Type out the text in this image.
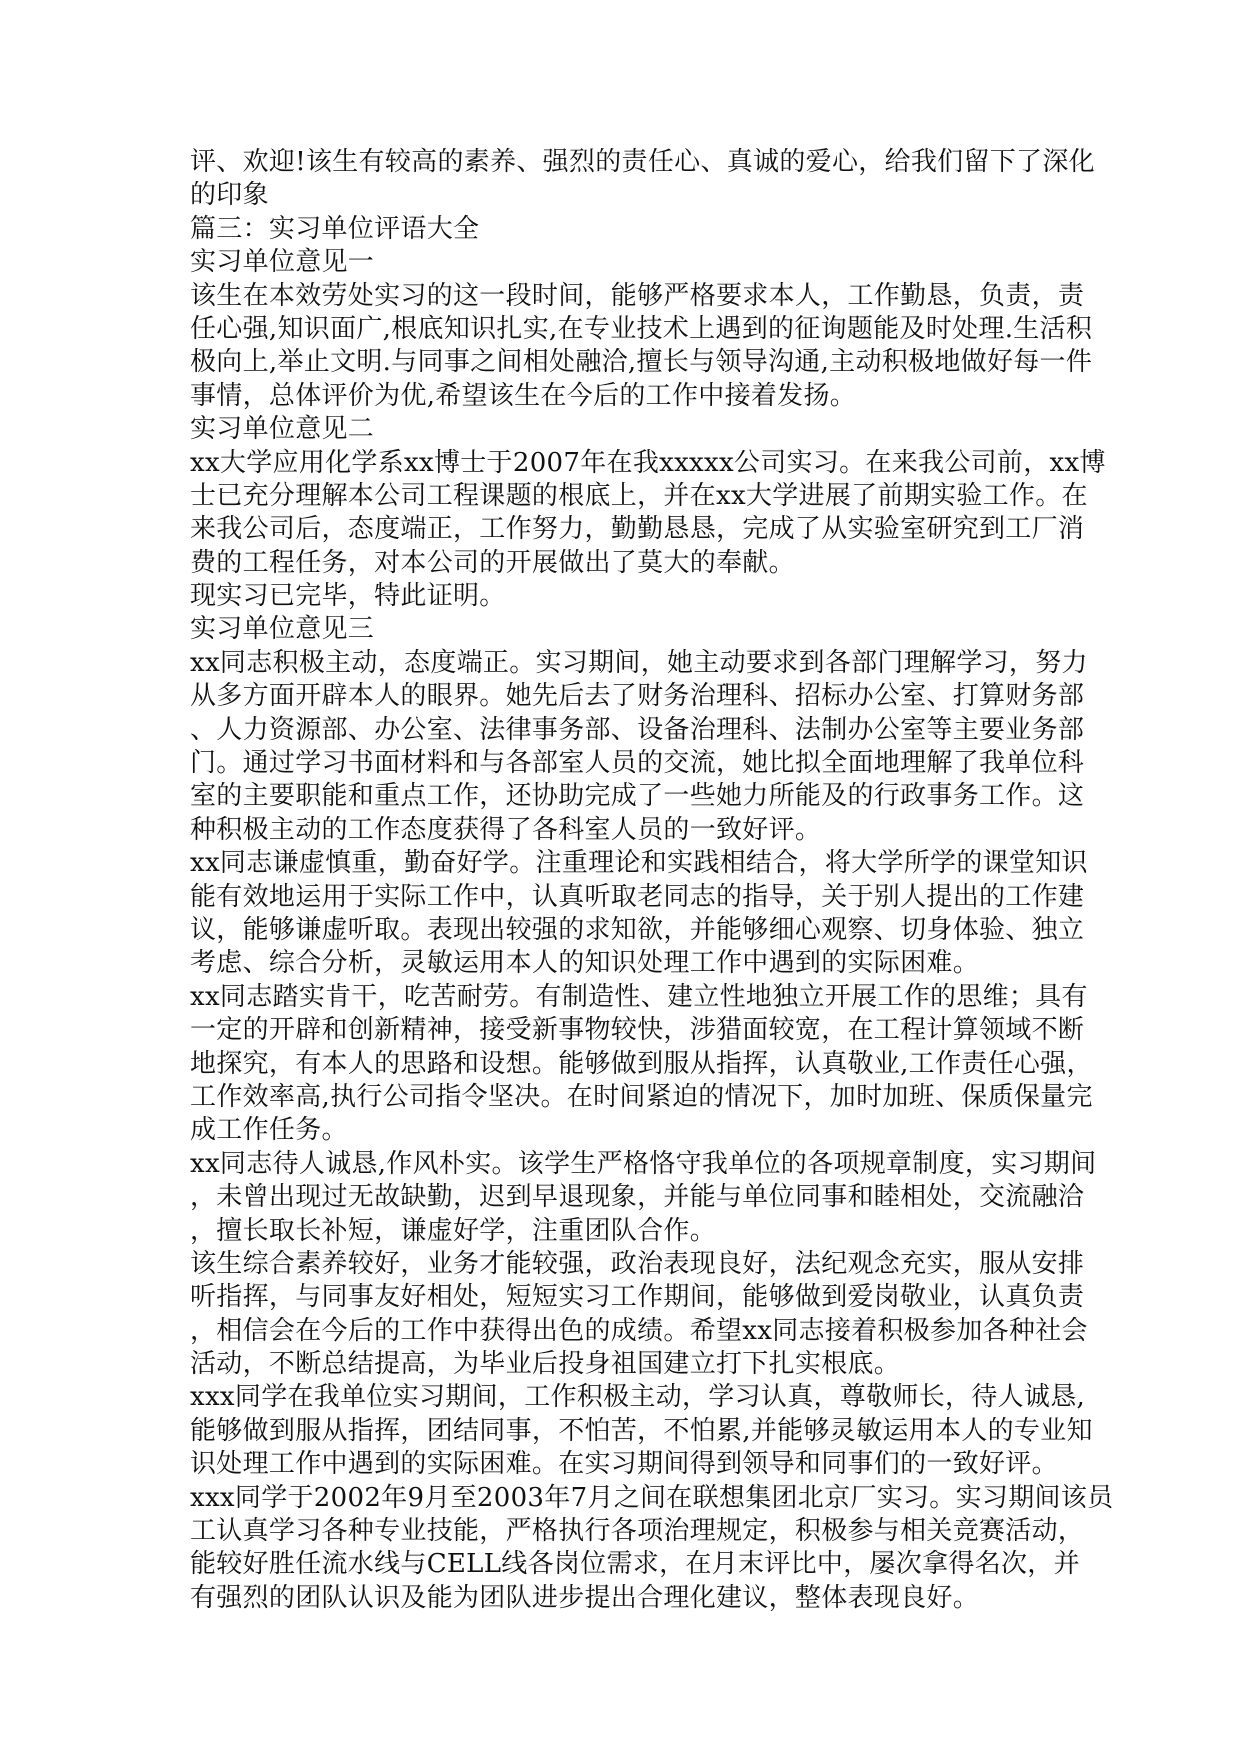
评、欢迎!该生有较高的素养、强烈的责任心、真诚的爱心，给我们留下了深化
的印象
篇三：实习单位评语大全
实习单位意见一
该生在本效劳处实习的这一段时间，能够严格要求本人，工作勤恳，负责，责
任心强,知识面广,根底知识扎实,在专业技术上遇到的征询题能及时处理.生活积
极向上,举止文明.与同事之间相处融洽,擅长与领导沟通,主动积极地做好每一件
事情，总体评价为优,希望该生在今后的工作中接着发扬。
实习单位意见二
xx大学应用化学系xx博士于2007年在我xxxxx公司实习。在来我公司前，xx博
士已充分理解本公司工程课题的根底上，并在xx大学进展了前期实验工作。在
来我公司后，态度端正，工作努力，勤勤恳恳，完成了从实验室研究到工厂消
费的工程任务，对本公司的开展做出了莫大的奉献。
现实习已完毕，特此证明。
实习单位意见三
xx同志积极主动，态度端正。实习期间，她主动要求到各部门理解学习，努力
从多方面开辟本人的眼界。她先后去了财务治理科、招标办公室、打算财务部
、人力资源部、办公室、法律事务部、设备治理科、法制办公室等主要业务部
门。通过学习书面材料和与各部室人员的交流，她比拟全面地理解了我单位科
室的主要职能和重点工作，还协助完成了一些她力所能及的行政事务工作。这
种积极主动的工作态度获得了各科室人员的一致好评。
xx同志谦虚慎重，勤奋好学。注重理论和实践相结合，将大学所学的课堂知识
能有效地运用于实际工作中，认真听取老同志的指导，关于别人提出的工作建
议，能够谦虚听取。表现出较强的求知欲，并能够细心观察、切身体验、独立
考虑、综合分析，灵敏运用本人的知识处理工作中遇到的实际困难。
xx同志踏实肯干，吃苦耐劳。有制造性、建立性地独立开展工作的思维；具有
一定的开辟和创新精神，接受新事物较快，涉猎面较宽，在工程计算领域不断
地探究，有本人的思路和设想。能够做到服从指挥，认真敬业,工作责任心强，
工作效率高,执行公司指令坚决。在时间紧迫的情况下，加时加班、保质保量完
成工作任务。
xx同志待人诚恳,作风朴实。该学生严格恪守我单位的各项规章制度，实习期间
，未曾出现过无故缺勤，迟到早退现象，并能与单位同事和睦相处，交流融洽
，擅长取长补短，谦虚好学，注重团队合作。
该生综合素养较好，业务才能较强，政治表现良好，法纪观念充实，服从安排
听指挥，与同事友好相处，短短实习工作期间，能够做到爱岗敬业，认真负责
，相信会在今后的工作中获得出色的成绩。希望xx同志接着积极参加各种社会
活动，不断总结提高，为毕业后投身祖国建立打下扎实根底。
xxx同学在我单位实习期间，工作积极主动，学习认真，尊敬师长，待人诚恳,
能够做到服从指挥，团结同事，不怕苦，不怕累,并能够灵敏运用本人的专业知
识处理工作中遇到的实际困难。在实习期间得到领导和同事们的一致好评。
xxx同学于2002年9月至2003年7月之间在联想集团北京厂实习。实习期间该员
工认真学习各种专业技能，严格执行各项治理规定，积极参与相关竞赛活动，
能较好胜任流水线与CELL线各岗位需求，在月末评比中，屡次拿得名次，并
有强烈的团队认识及能为团队进步提出合理化建议，整体表现良好。
